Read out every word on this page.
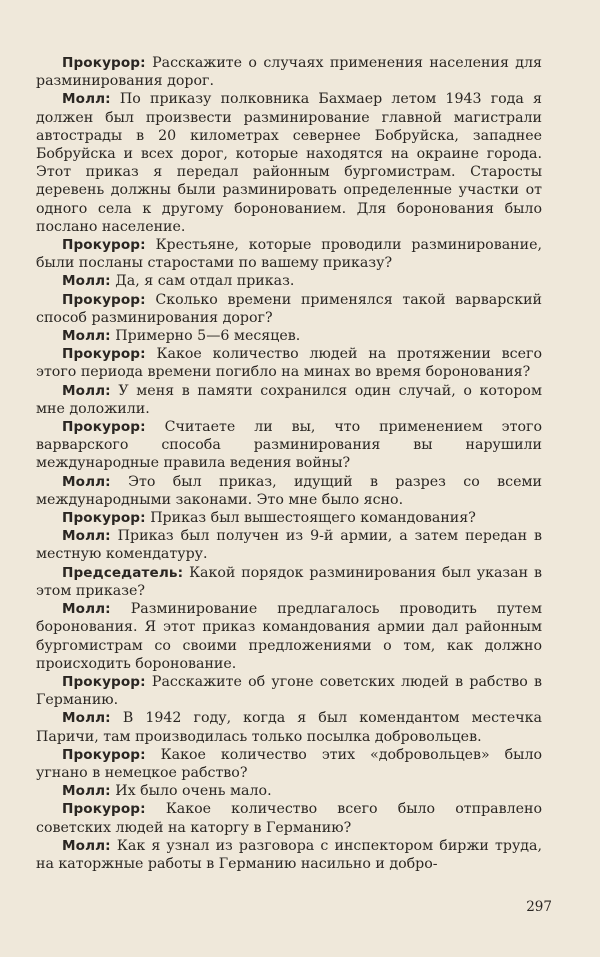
Прокурор: Расскажите о случаях применения населения для разминирования дорог.

Молл: По приказу полковника Бахмаер летом 1943 года я должен был произвести разминирование главной магистрали автострады в 20 километрах севернее Бобруйска, западнее Бобруйска и всех дорог, которые находятся на окраине города. Этот приказ я передал районным бургомистрам. Старосты деревень должны были разминировать определенные участки от одного села к другому боронованием. Для боронования было послано население.

Прокурор: Крестьяне, которые проводили разминирование, были посланы старостами по вашему приказу?

Молл: Да, я сам отдал приказ.

Прокурор: Сколько времени применялся такой варварский способ разминирования дорог?

Молл: Примерно 5—6 месяцев.

Прокурор: Какое количество людей на протяжении всего этого периода времени погибло на минах во время боронования?

Молл: У меня в памяти сохранился один случай, о котором мне доложили.

Прокурор: Считаете ли вы, что применением этого варварского способа разминирования вы нарушили международные правила ведения войны?

Молл: Это был приказ, идущий в разрез со всеми международными законами. Это мне было ясно.

Прокурор: Приказ был вышестоящего командования?

Молл: Приказ был получен из 9-й армии, а затем передан в местную комендатуру.

Председатель: Какой порядок разминирования был указан в этом приказе?

Молл: Разминирование предлагалось проводить путем боронования. Я этот приказ командования армии дал районным бургомистрам со своими предложениями о том, как должно происходить боронование.

Прокурор: Расскажите об угоне советских людей в рабство в Германию.

Молл: В 1942 году, когда я был комендантом местечка Паричи, там производилась только посылка добровольцев.

Прокурор: Какое количество этих «добровольцев» было угнано в немецкое рабство?

Молл: Их было очень мало.

Прокурор: Какое количество всего было отправлено советских людей на каторгу в Германию?

Молл: Как я узнал из разговора с инспектором биржи труда, на каторжные работы в Германию насильно и добро-

297
